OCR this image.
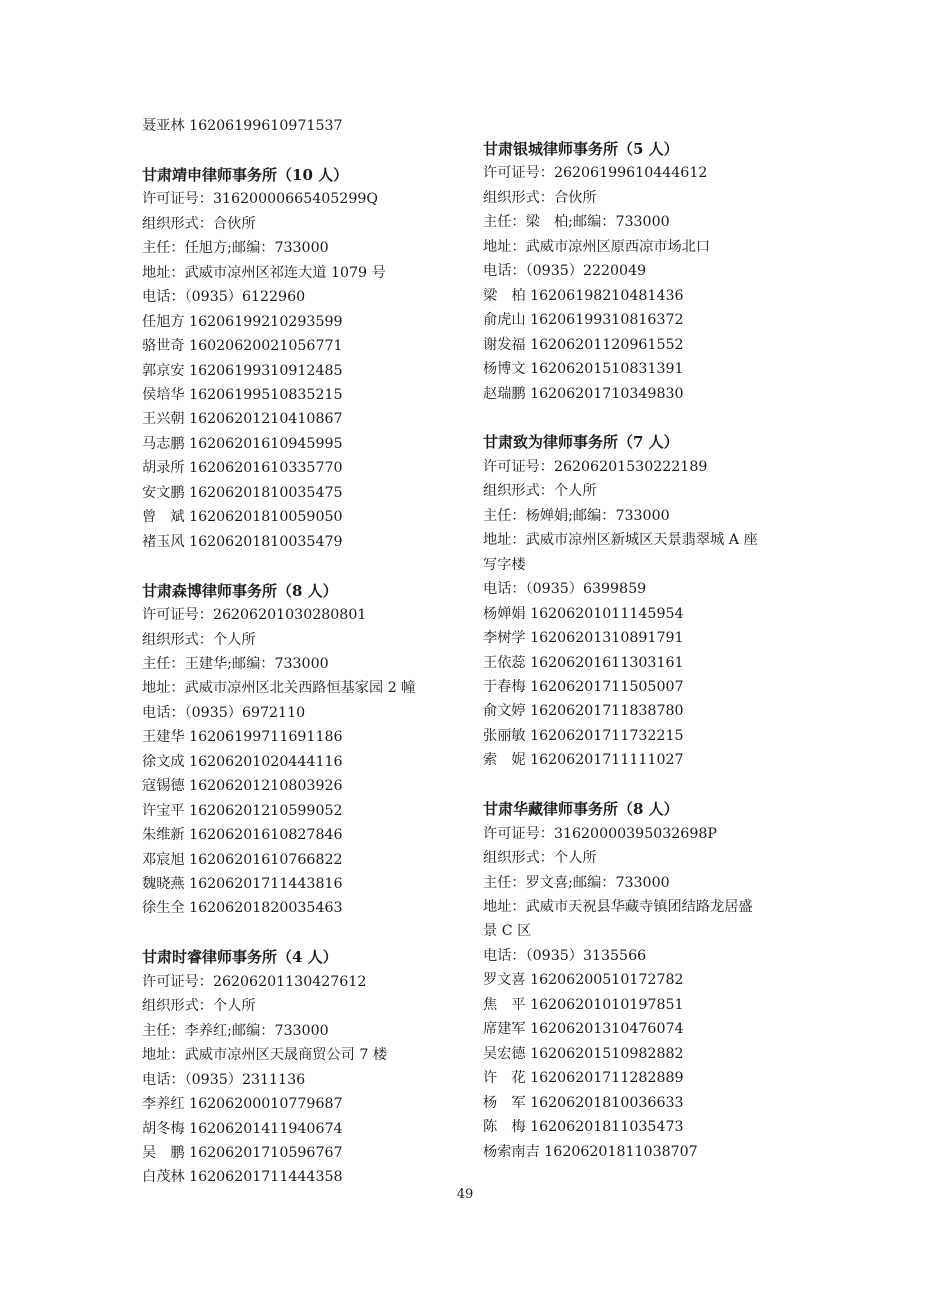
聂亚林 16206199610971537
甘肃靖申律师事务所（10 人）
许可证号：31620000665405299Q
组织形式：合伙所
主任：任旭方;邮编：733000
地址：武威市凉州区祁连大道 1079 号
电话：（0935）6122960
任旭方 16206199210293599
骆世奇 16020620021056771
郭京安 16206199310912485
侯培华 16206199510835215
王兴朝 16206201210410867
马志鹏 16206201610945995
胡录所 16206201610335770
安文鹏 16206201810035475
曾　斌 16206201810059050
褚玉风 16206201810035479
甘肃森博律师事务所（8 人）
许可证号：26206201030280801
组织形式：个人所
主任：王建华;邮编：733000
地址：武威市凉州区北关西路恒基家园 2 幢
电话：（0935）6972110
王建华 16206199711691186
徐文成 16206201020444116
寇锡德 16206201210803926
许宝平 16206201210599052
朱维新 16206201610827846
邓宸旭 16206201610766822
魏晓燕 16206201711443816
徐生全 16206201820035463
甘肃时睿律师事务所（4 人）
许可证号：26206201130427612
组织形式：个人所
主任：李养红;邮编：733000
地址：武威市凉州区天晟商贸公司 7 楼
电话：（0935）2311136
李养红 16206200010779687
胡冬梅 16206201411940674
吴　鹏 16206201710596767
白茂林 16206201711444358
甘肃银城律师事务所（5 人）
许可证号：26206199610444612
组织形式：合伙所
主任：梁　柏;邮编：733000
地址：武威市凉州区原西凉市场北口
电话：（0935）2220049
梁　柏 16206198210481436
俞虎山 16206199310816372
谢发福 16206201120961552
杨博文 16206201510831391
赵瑞鹏 16206201710349830
甘肃致为律师事务所（7 人）
许可证号：26206201530222189
组织形式：个人所
主任：杨婵娟;邮编：733000
地址：武威市凉州区新城区天景翡翠城 A 座
写字楼
电话：（0935）6399859
杨婵娟 16206201011145954
李树学 16206201310891791
王依蕊 16206201611303161
于春梅 16206201711505007
俞文婷 16206201711838780
张丽敏 16206201711732215
索　妮 16206201711111027
甘肃华藏律师事务所（8 人）
许可证号：31620000395032698P
组织形式：个人所
主任：罗文喜;邮编：733000
地址：武威市天祝县华藏寺镇团结路龙居盛
景 C 区
电话：（0935）3135566
罗文喜 16206200510172782
焦　平 16206201010197851
席建军 16206201310476074
吴宏德 16206201510982882
许　花 16206201711282889
杨　军 16206201810036633
陈　梅 16206201811035473
杨索南吉 16206201811038707
49
